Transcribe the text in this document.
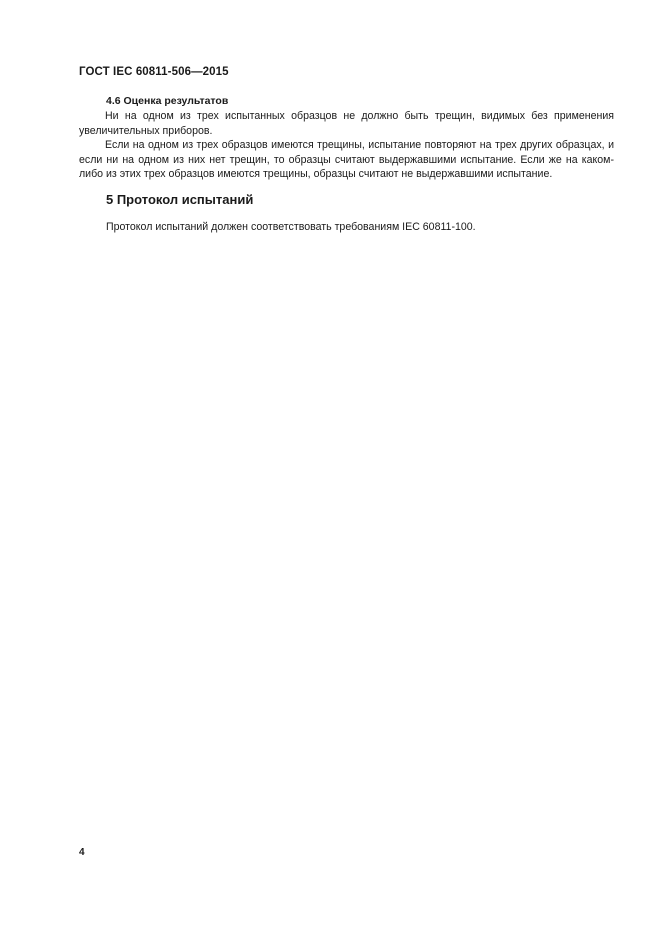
ГОСТ IEC 60811-506—2015
4.6 Оценка результатов
Ни на одном из трех испытанных образцов не должно быть трещин, видимых без применения увеличительных приборов.
Если на одном из трех образцов имеются трещины, испытание повторяют на трех других образцах, и если ни на одном из них нет трещин, то образцы считают выдержавшими испытание. Если же на каком-либо из этих трех образцов имеются трещины, образцы считают не выдержавшими испытание.
5 Протокол испытаний
Протокол испытаний должен соответствовать требованиям IEC 60811-100.
4
